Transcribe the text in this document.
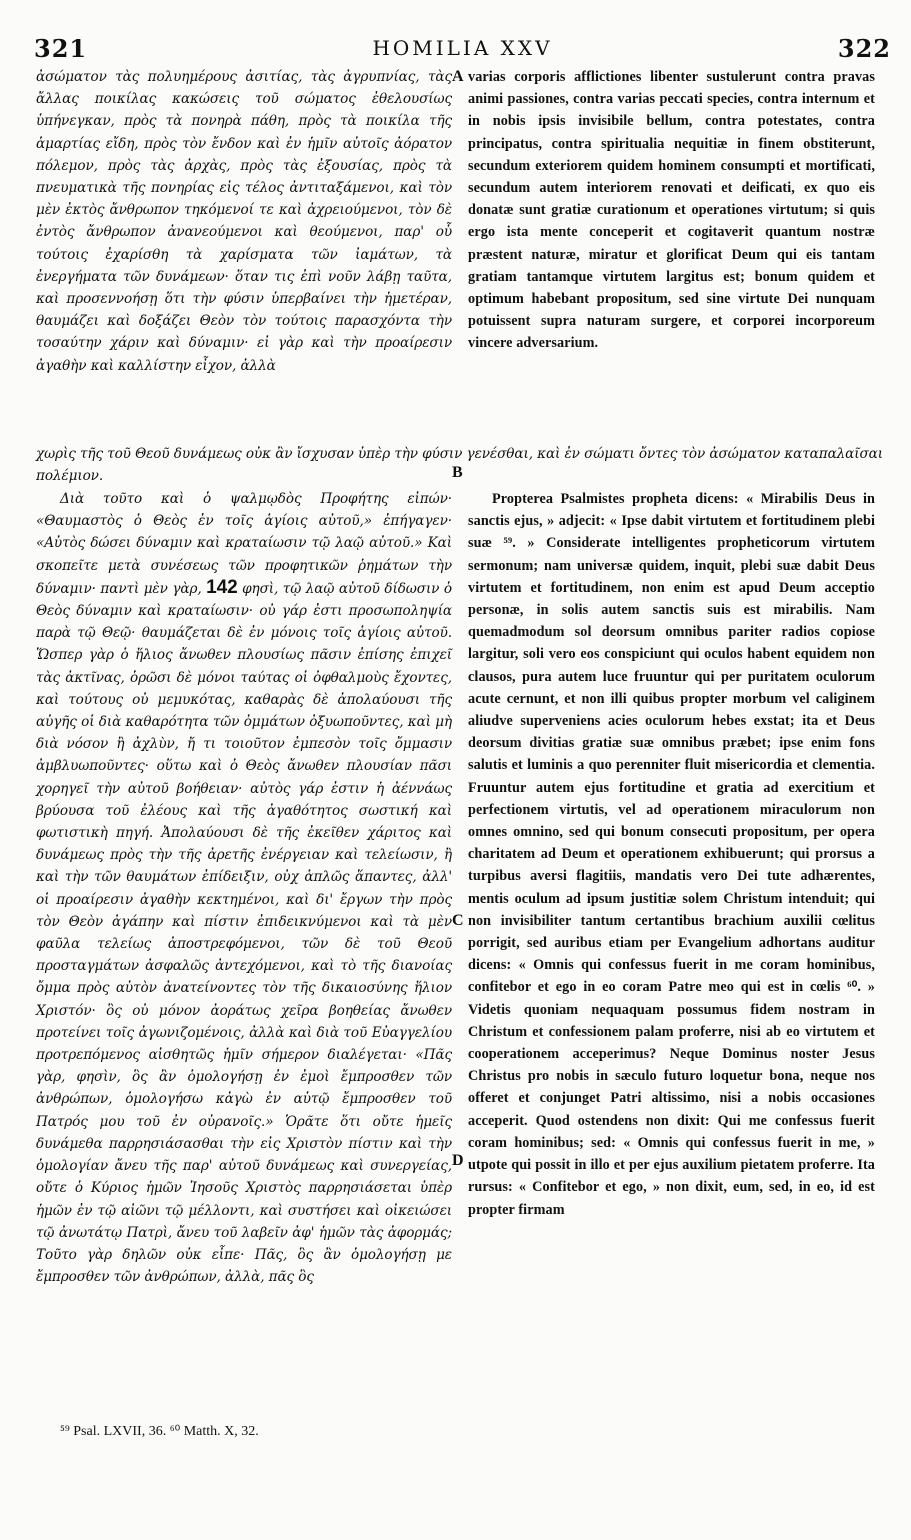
321	HOMILIA XXV	322

ἀσώματον τὰς πολυημέρους ἀσιτίας, τὰς ἀγρυπνίας, τὰς ἄλλας ποικίλας κακώσεις τοῦ σώματος ἐθελουσίως ὑπήνεγκαν, πρὸς τὰ πονηρὰ πάθη, πρὸς τὰ ποικίλα τῆς ἁμαρτίας εἴδη, πρὸς τὸν ἔνδον καὶ ἐν ἡμῖν αὐτοῖς ἀόρατον πόλεμον, πρὸς τὰς ἀρχὰς, πρὸς τὰς ἐξουσίας, πρὸς τὰ πνευματικὰ τῆς πονηρίας εἰς τέλος ἀντιταξάμενοι, καὶ τὸν μὲν ἐκτὸς ἄνθρωπον τηκόμενοί τε καὶ ἀχρειούμενοι, τὸν δὲ ἐντὸς ἄνθρωπον ἀνανεούμενοι καὶ θεούμενοι, παρ' οὗ τούτοις ἐχαρίσθη τὰ χαρίσματα τῶν ἰαμάτων, τὰ ἐνεργήματα τῶν δυνάμεων· ὅταν τις ἐπὶ νοῦν λάβῃ ταῦτα, καὶ προσεννοήσῃ ὅτι τὴν φύσιν ὑπερβαίνει τὴν ἡμετέραν, θαυμάζει καὶ δοξάζει Θεὸν τὸν τούτοις παρασχόντα τὴν τοσαύτην χάριν καὶ δύναμιν· εἰ γὰρ καὶ τὴν προαίρεσιν ἀγαθὴν καὶ καλλίστην εἶχον, ἀλλὰ

A varias corporis afflictiones libenter sustulerunt contra pravas animi passiones, contra varias peccati species, contra internum et in nobis ipsis invisibile bellum, contra potestates, contra principatus, contra spiritualia nequitiæ in finem obstiterunt, secundum exteriorem quidem hominem consumpti et mortificati, secundum autem interiorem renovati et deificati, ex quo eis donatæ sunt gratiæ curationum et operationes virtutum; si quis ergo ista mente conceperit et cogitaverit quantum nostræ præstent naturæ, miratur et glorificat Deum qui eis tantam gratiam tantamque virtutem largitus est; bonum quidem et optimum habebant propositum, sed sine virtute Dei nunquam potuissent supra naturam surgere, et corporei incorporeum vincere adversarium.

χωρὶς τῆς τοῦ Θεοῦ δυνάμεως οὐκ ἂν ἴσχυσαν ὑπὲρ τὴν φύσιν γενέσθαι, καὶ ἐν σώματι ὄντες τὸν ἀσώματον καταπαλαῖσαι πολέμιον.

Διὰ τοῦτο καὶ ὁ ψαλμῳδὸς Προφήτης εἰπών· «Θαυμαστὸς ὁ Θεὸς ἐν τοῖς ἁγίοις αὐτοῦ,» ἐπήγαγεν· «Αὐτὸς δώσει δύναμιν καὶ κραταίωσιν τῷ λαῷ αὐτοῦ.» Καὶ σκοπεῖτε μετὰ συνέσεως τῶν προφητικῶν ῥημάτων τὴν δύναμιν· παντὶ μὲν γὰρ, 142 φησὶ, τῷ λαῷ αὐτοῦ δίδωσιν ὁ Θεὸς δύναμιν καὶ κραταίωσιν· οὐ γάρ ἐστι προσωποληψία παρὰ τῷ Θεῷ· θαυμάζεται δὲ ἐν μόνοις τοῖς ἁγίοις αὐτοῦ. Ὥσπερ γὰρ ὁ ἥλιος ἄνωθεν πλουσίως πᾶσιν ἐπίσης ἐπιχεῖ τὰς ἀκτῖνας, ὁρῶσι δὲ μόνοι ταύτας οἱ ὀφθαλμοὺς ἔχοντες, καὶ τούτους οὐ μεμυκότας, καθαρὰς δὲ ἀπολαύουσι τῆς αὐγῆς οἱ διὰ καθαρότητα τῶν ὀμμάτων ὀξυωποῦντες, καὶ μὴ διὰ νόσον ἢ ἀχλὺν, ἤ τι τοιοῦτον ἐμπεσὸν τοῖς ὄμμασιν ἀμβλυωποῦντες· οὕτω καὶ ὁ Θεὸς ἄνωθεν πλουσίαν πᾶσι χορηγεῖ τὴν αὐτοῦ βοήθειαν· αὐτὸς γάρ ἐστιν ἡ ἀέννάως βρύουσα τοῦ ἐλέους καὶ τῆς ἀγαθότητος σωστική καὶ φωτιστικὴ πηγή. Ἀπολαύουσι δὲ τῆς ἐκεῖθεν χάριτος καὶ δυνάμεως πρὸς τὴν τῆς ἀρετῆς ἐνέργειαν καὶ τελείωσιν, ἢ καὶ τὴν τῶν θαυμάτων ἐπίδειξιν, οὐχ ἁπλῶς ἅπαντες, ἀλλ' οἱ προαίρεσιν ἀγαθὴν κεκτημένοι, καὶ δι' ἔργων τὴν πρὸς τὸν Θεὸν ἀγάπην καὶ πίστιν ἐπιδεικνύμενοι καὶ τὰ μὲν φαῦλα τελείως ἀποστρεφόμενοι, τῶν δὲ τοῦ Θεοῦ προσταγμάτων ἀσφαλῶς ἀντεχόμενοι, καὶ τὸ τῆς διανοίας ὄμμα πρὸς αὐτὸν ἀνατείνοντες τὸν τῆς δικαιοσύνης ἥλιον Χριστόν· ὃς οὐ μόνον ἀοράτως χεῖρα βοηθείας ἄνωθεν προτείνει τοῖς ἀγωνιζομένοις, ἀλλὰ καὶ διὰ τοῦ Εὐαγγελίου προτρεπόμενος αἰσθητῶς ἡμῖν σήμερον διαλέγεται· «Πᾶς γὰρ, φησὶν, ὃς ἂν ὁμολογήσῃ ἐν ἐμοὶ ἔμπροσθεν τῶν ἀνθρώπων, ὁμολογήσω κἀγὼ ἐν αὐτῷ ἔμπροσθεν τοῦ Πατρός μου τοῦ ἐν οὐρανοῖς.» Ὁρᾶτε ὅτι οὔτε ἡμεῖς δυνάμεθα παρρησιάσασθαι τὴν εἰς Χριστὸν πίστιν καὶ τὴν ὁμολογίαν ἄνευ τῆς παρ' αὐτοῦ δυνάμεως καὶ συνεργείας, οὔτε ὁ Κύριος ἡμῶν Ἰησοῦς Χριστὸς παρρησιάσεται ὑπὲρ ἡμῶν ἐν τῷ αἰῶνι τῷ μέλλοντι, καὶ συστήσει καὶ οἰκειώσει τῷ ἀνωτάτῳ Πατρὶ, ἄνευ τοῦ λαβεῖν ἀφ' ἡμῶν τὰς ἀφορμάς; Τοῦτο γὰρ δηλῶν οὐκ εἶπε· Πᾶς, ὃς ἂν ὁμολογήσῃ με ἔμπροσθεν τῶν ἀνθρώπων, ἀλλὰ, πᾶς ὃς

B
C
D

Propterea Psalmistes propheta dicens: « Mirabilis Deus in sanctis ejus, » adjecit: « Ipse dabit virtutem et fortitudinem plebi suæ ⁵⁹. » Considerate intelligentes propheticorum virtutem sermonum; nam universæ quidem, inquit, plebi suæ dabit Deus virtutem et fortitudinem, non enim est apud Deum acceptio personæ, in solis autem sanctis suis est mirabilis. Nam quemadmodum sol deorsum omnibus pariter radios copiose largitur, soli vero eos conspiciunt qui oculos habent equidem non clausos, pura autem luce fruuntur qui per puritatem oculorum acute cernunt, et non illi quibus propter morbum vel caliginem aliudve superveniens acies oculorum hebes exstat; ita et Deus deorsum divitias gratiæ suæ omnibus præbet; ipse enim fons salutis et luminis a quo perenniter fluit misericordia et clementia. Fruuntur autem ejus fortitudine et gratia ad exercitium et perfectionem virtutis, vel ad operationem miraculorum non omnes omnino, sed qui bonum consecuti propositum, per opera charitatem ad Deum et operationem exhibuerunt; qui prorsus a turpibus aversi flagitiis, mandatis vero Dei tute adhærentes, mentis oculum ad ipsum justitiæ solem Christum intenduit; qui non invisibiliter tantum certantibus brachium auxilii cœlitus porrigit, sed auribus etiam per Evangelium adhortans auditur dicens: « Omnis qui confessus fuerit in me coram hominibus, confitebor et ego in eo coram Patre meo qui est in cœlis ⁶⁰. » Videtis quoniam nequaquam possumus fidem nostram in Christum et confessionem palam proferre, nisi ab eo virtutem et cooperationem acceperimus? Neque Dominus noster Jesus Christus pro nobis in sæculo futuro loquetur bona, neque nos offeret et conjunget Patri altissimo, nisi a nobis occasiones acceperit. Quod ostendens non dixit: Qui me confessus fuerit coram hominibus; sed: « Omnis qui confessus fuerit in me, » utpote qui possit in illo et per ejus auxilium pietatem proferre. Ita rursus: « Confitebor et ego, » non dixit, eum, sed, in eo, id est propter firmam

⁵⁹ Psal. LXVII, 36. ⁶⁰ Matth. X, 32.
